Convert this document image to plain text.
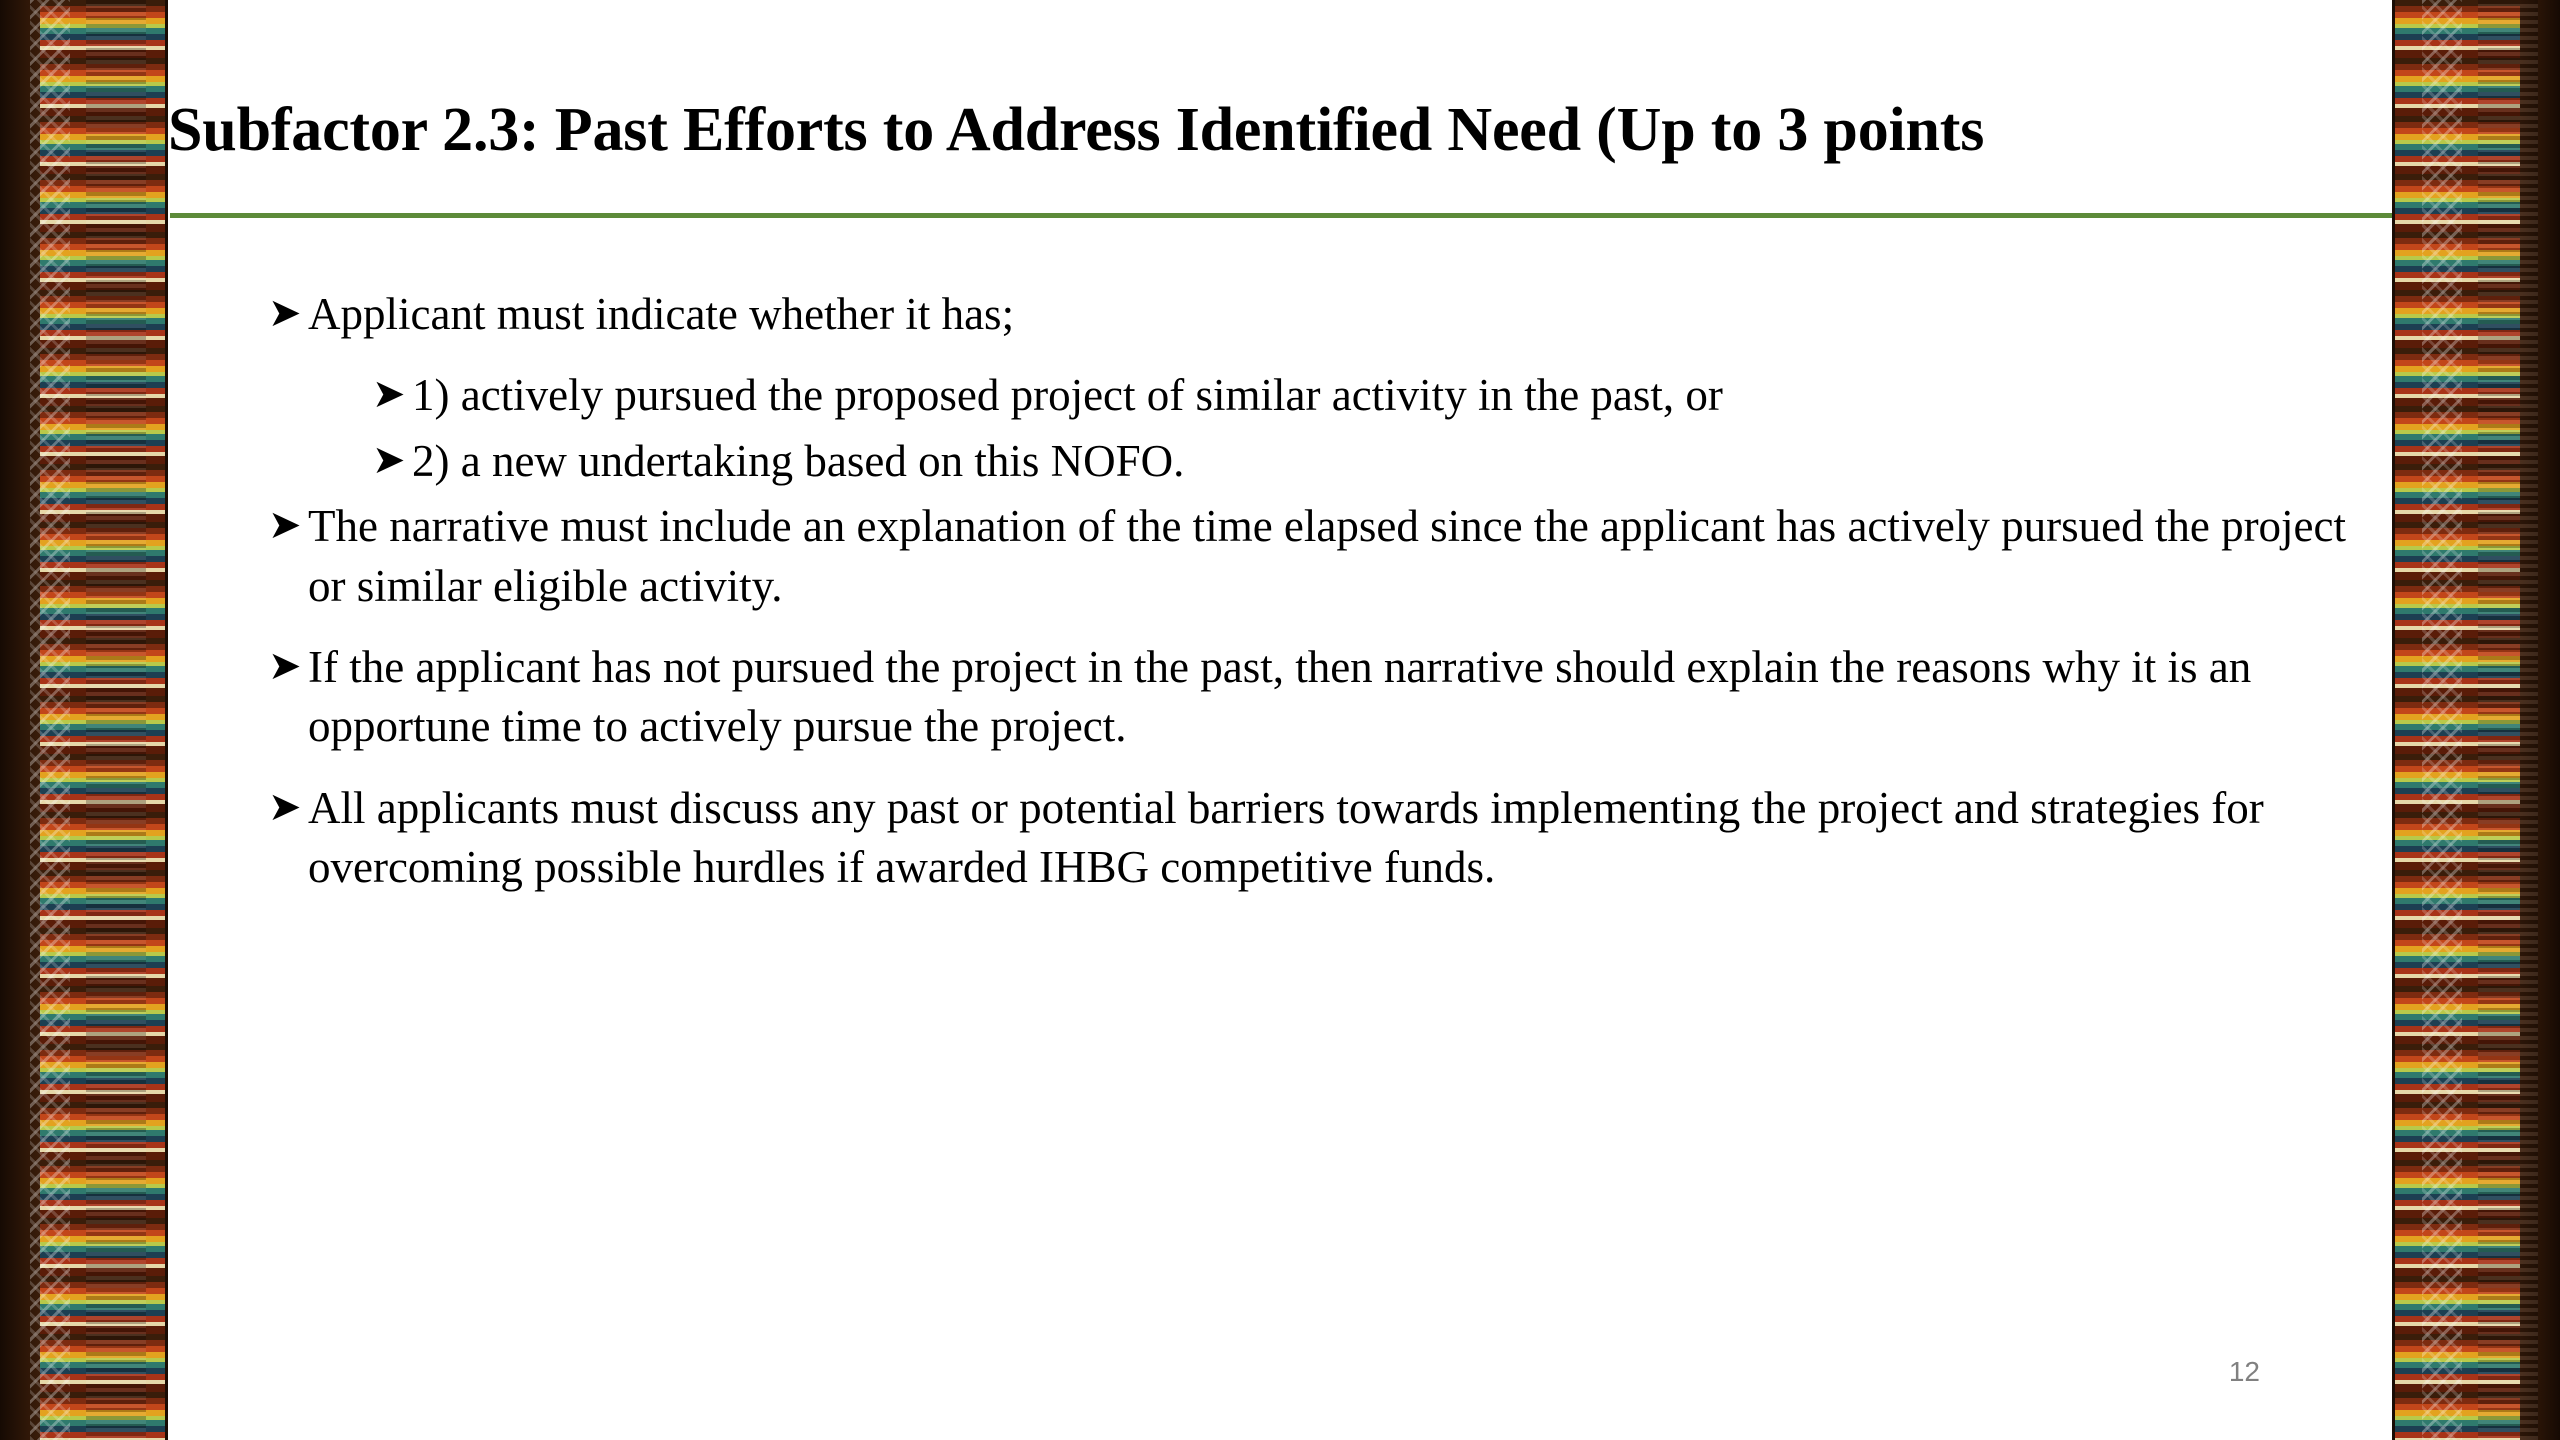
Subfactor 2.3: Past Efforts to Address Identified Need (Up to 3 points
➤ Applicant must indicate whether it has;
➤ 1) actively pursued the proposed project of similar activity in the past, or
➤ 2) a new undertaking based on this NOFO.
➤ The narrative must include an explanation of the time elapsed since the applicant has actively pursued the project or similar eligible activity.
➤ If the applicant has not pursued the project in the past, then narrative should explain the reasons why it is an opportune time to actively pursue the project.
➤ All applicants must discuss any past or potential barriers towards implementing the project and strategies for overcoming possible hurdles if awarded IHBG competitive funds.
12
